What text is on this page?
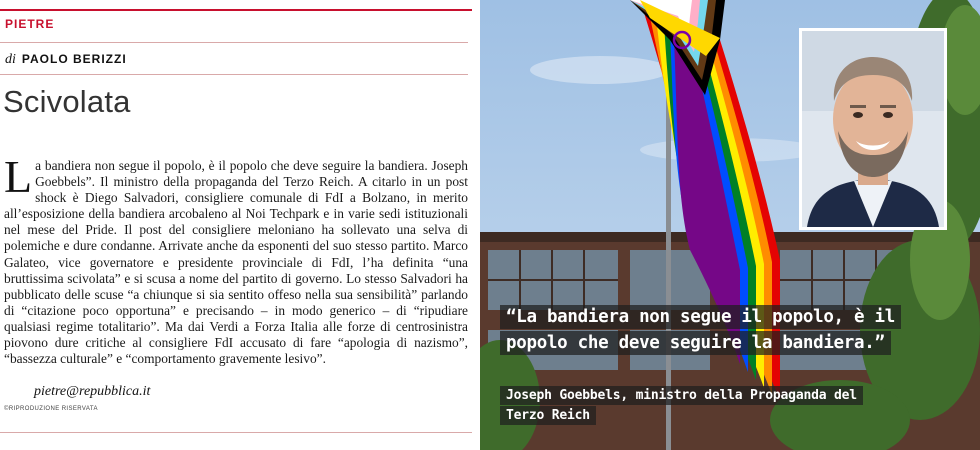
PIETRE
di PAOLO BERIZZI
Scivolata

La bandiera non segue il popolo, è il popolo che deve seguire la bandiera. Joseph Goebbels”. Il ministro della propaganda del Terzo Reich. A citarlo in un post shock è Diego Salvadori, consigliere comunale di FdI a Bolzano, in merito all’esposizione della bandiera arcobaleno al Noi Techpark e in varie sedi istituzionali nel mese del Pride. Il post del consigliere meloniano ha sollevato una selva di polemiche e dure condanne. Arrivate anche da esponenti del suo stesso partito. Marco Galateo, vice governatore e presidente provinciale di FdI, l’ha definita “una bruttissima scivolata” e si scusa a nome del partito di governo. Lo stesso Salvadori ha pubblicato delle scuse “a chiunque si sia sentito offeso nella sua sensibilità” parlando di “citazione poco opportuna” e precisando – in modo generico – di “ripudiare qualsiasi regime totalitario”. Ma dai Verdi a Forza Italia alle forze di centrosinistra piovono dure critiche al consigliere FdI accusato di fare “apologia di nazismo”, “bassezza culturale” e “comportamento gravemente lesivo”.

pietre@repubblica.it
©RIPRODUZIONE RISERVATA
“La bandiera non segue il popolo, è il
popolo che deve seguire la bandiera.”
Joseph Goebbels, ministro della Propaganda del
Terzo Reich
